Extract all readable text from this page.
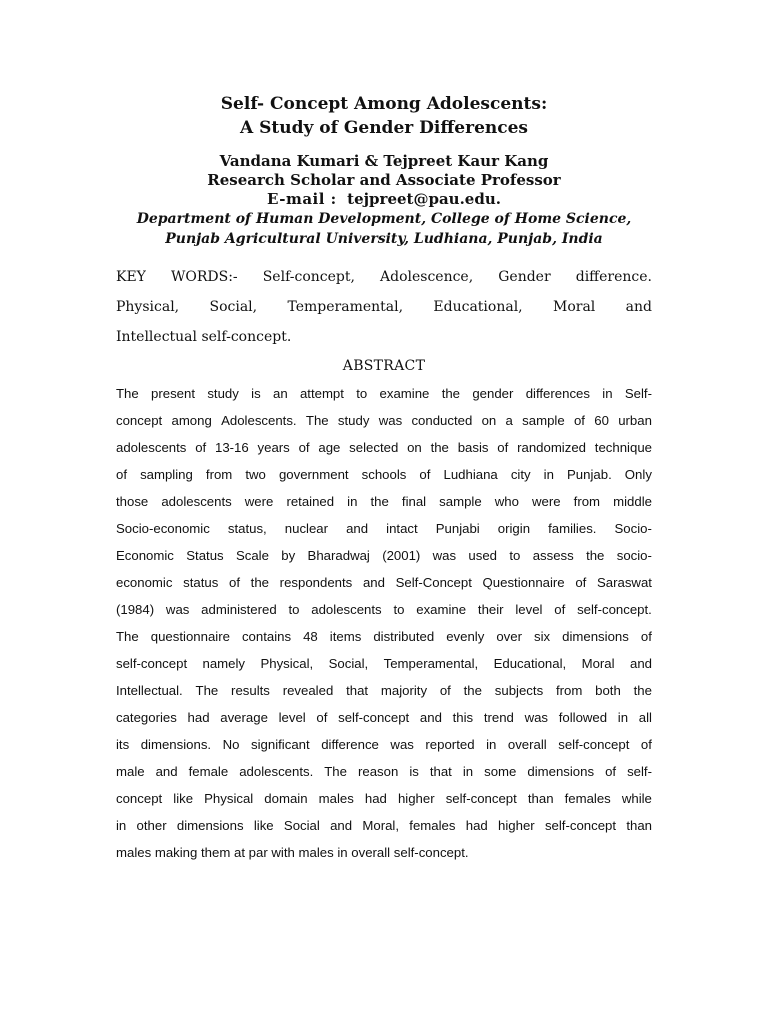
Self- Concept Among Adolescents:
A Study of Gender Differences
Vandana Kumari & Tejpreet Kaur Kang
Research Scholar and Associate Professor
E-mail : tejpreet@pau.edu.
Department of Human Development, College of Home Science,
Punjab Agricultural University, Ludhiana, Punjab, India
KEY WORDS:- Self-concept, Adolescence, Gender difference.
Physical, Social, Temperamental, Educational, Moral and
Intellectual self-concept.
ABSTRACT
The present study is an attempt to examine the gender differences in Self-
concept among Adolescents. The study was conducted on a sample of 60 urban
adolescents of 13-16 years of age selected on the basis of randomized technique
of sampling from two government schools of Ludhiana city in Punjab. Only
those adolescents were retained in the final sample who were from middle
Socio-economic status, nuclear and intact Punjabi origin families. Socio-
Economic Status Scale by Bharadwaj (2001) was used to assess the socio-
economic status of the respondents and Self-Concept Questionnaire of Saraswat
(1984) was administered to adolescents to examine their level of self-concept.
The questionnaire contains 48 items distributed evenly over six dimensions of
self-concept namely Physical, Social, Temperamental, Educational, Moral and
Intellectual. The results revealed that majority of the subjects from both the
categories had average level of self-concept and this trend was followed in all
its dimensions. No significant difference was reported in overall self-concept of
male and female adolescents. The reason is that in some dimensions of self-
concept like Physical domain males had higher self-concept than females while
in other dimensions like Social and Moral, females had higher self-concept than
males making them at par with males in overall self-concept.
